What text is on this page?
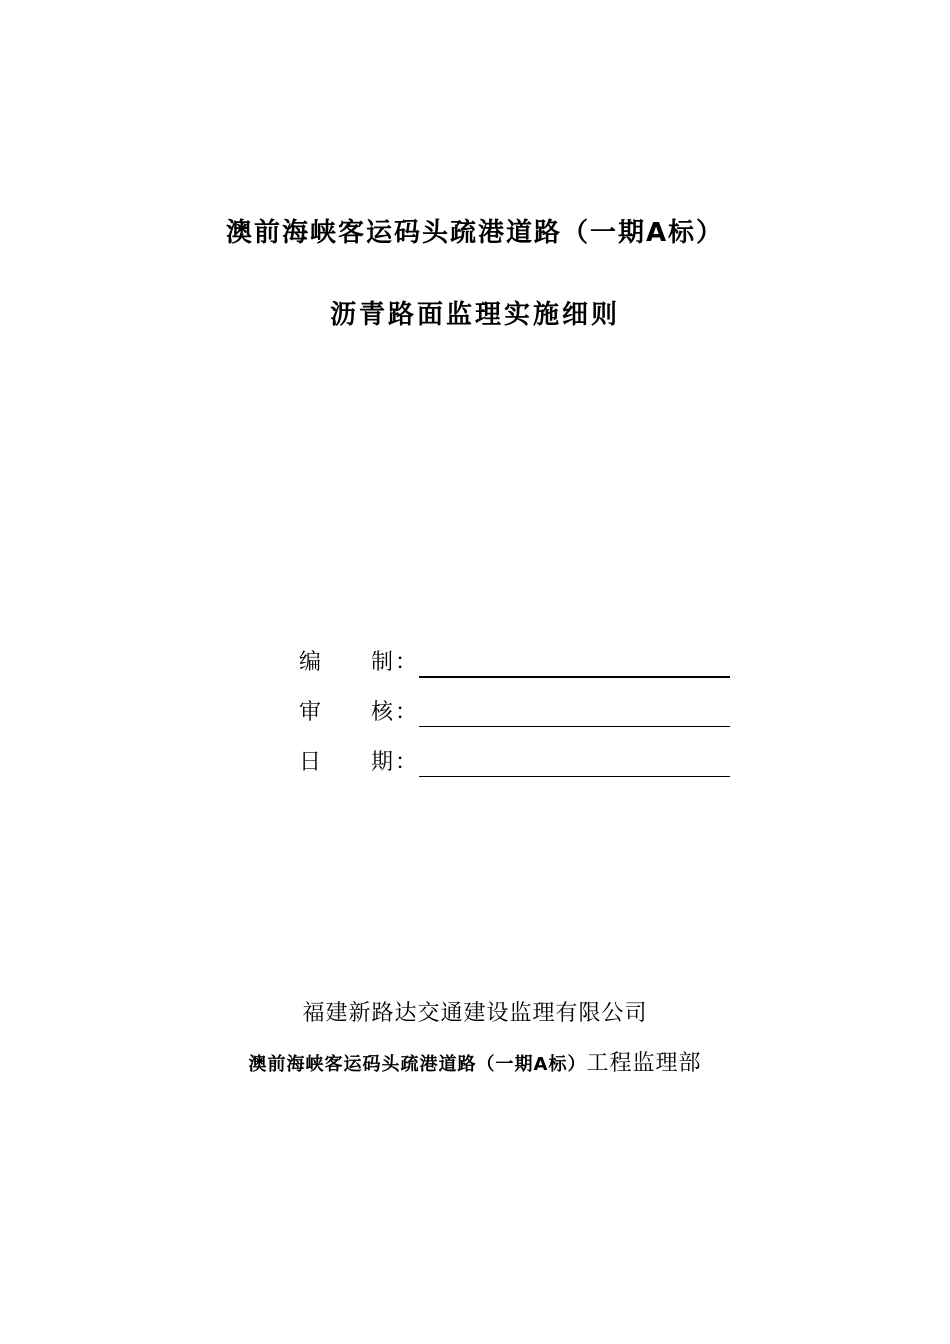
澳前海峡客运码头疏港道路（一期A标）
沥青路面监理实施细则
编 制 ：
审 核 ：
日 期 ：
福建新路达交通建设监理有限公司
澳前海峡客运码头疏港道路（一期A标）工程监理部
